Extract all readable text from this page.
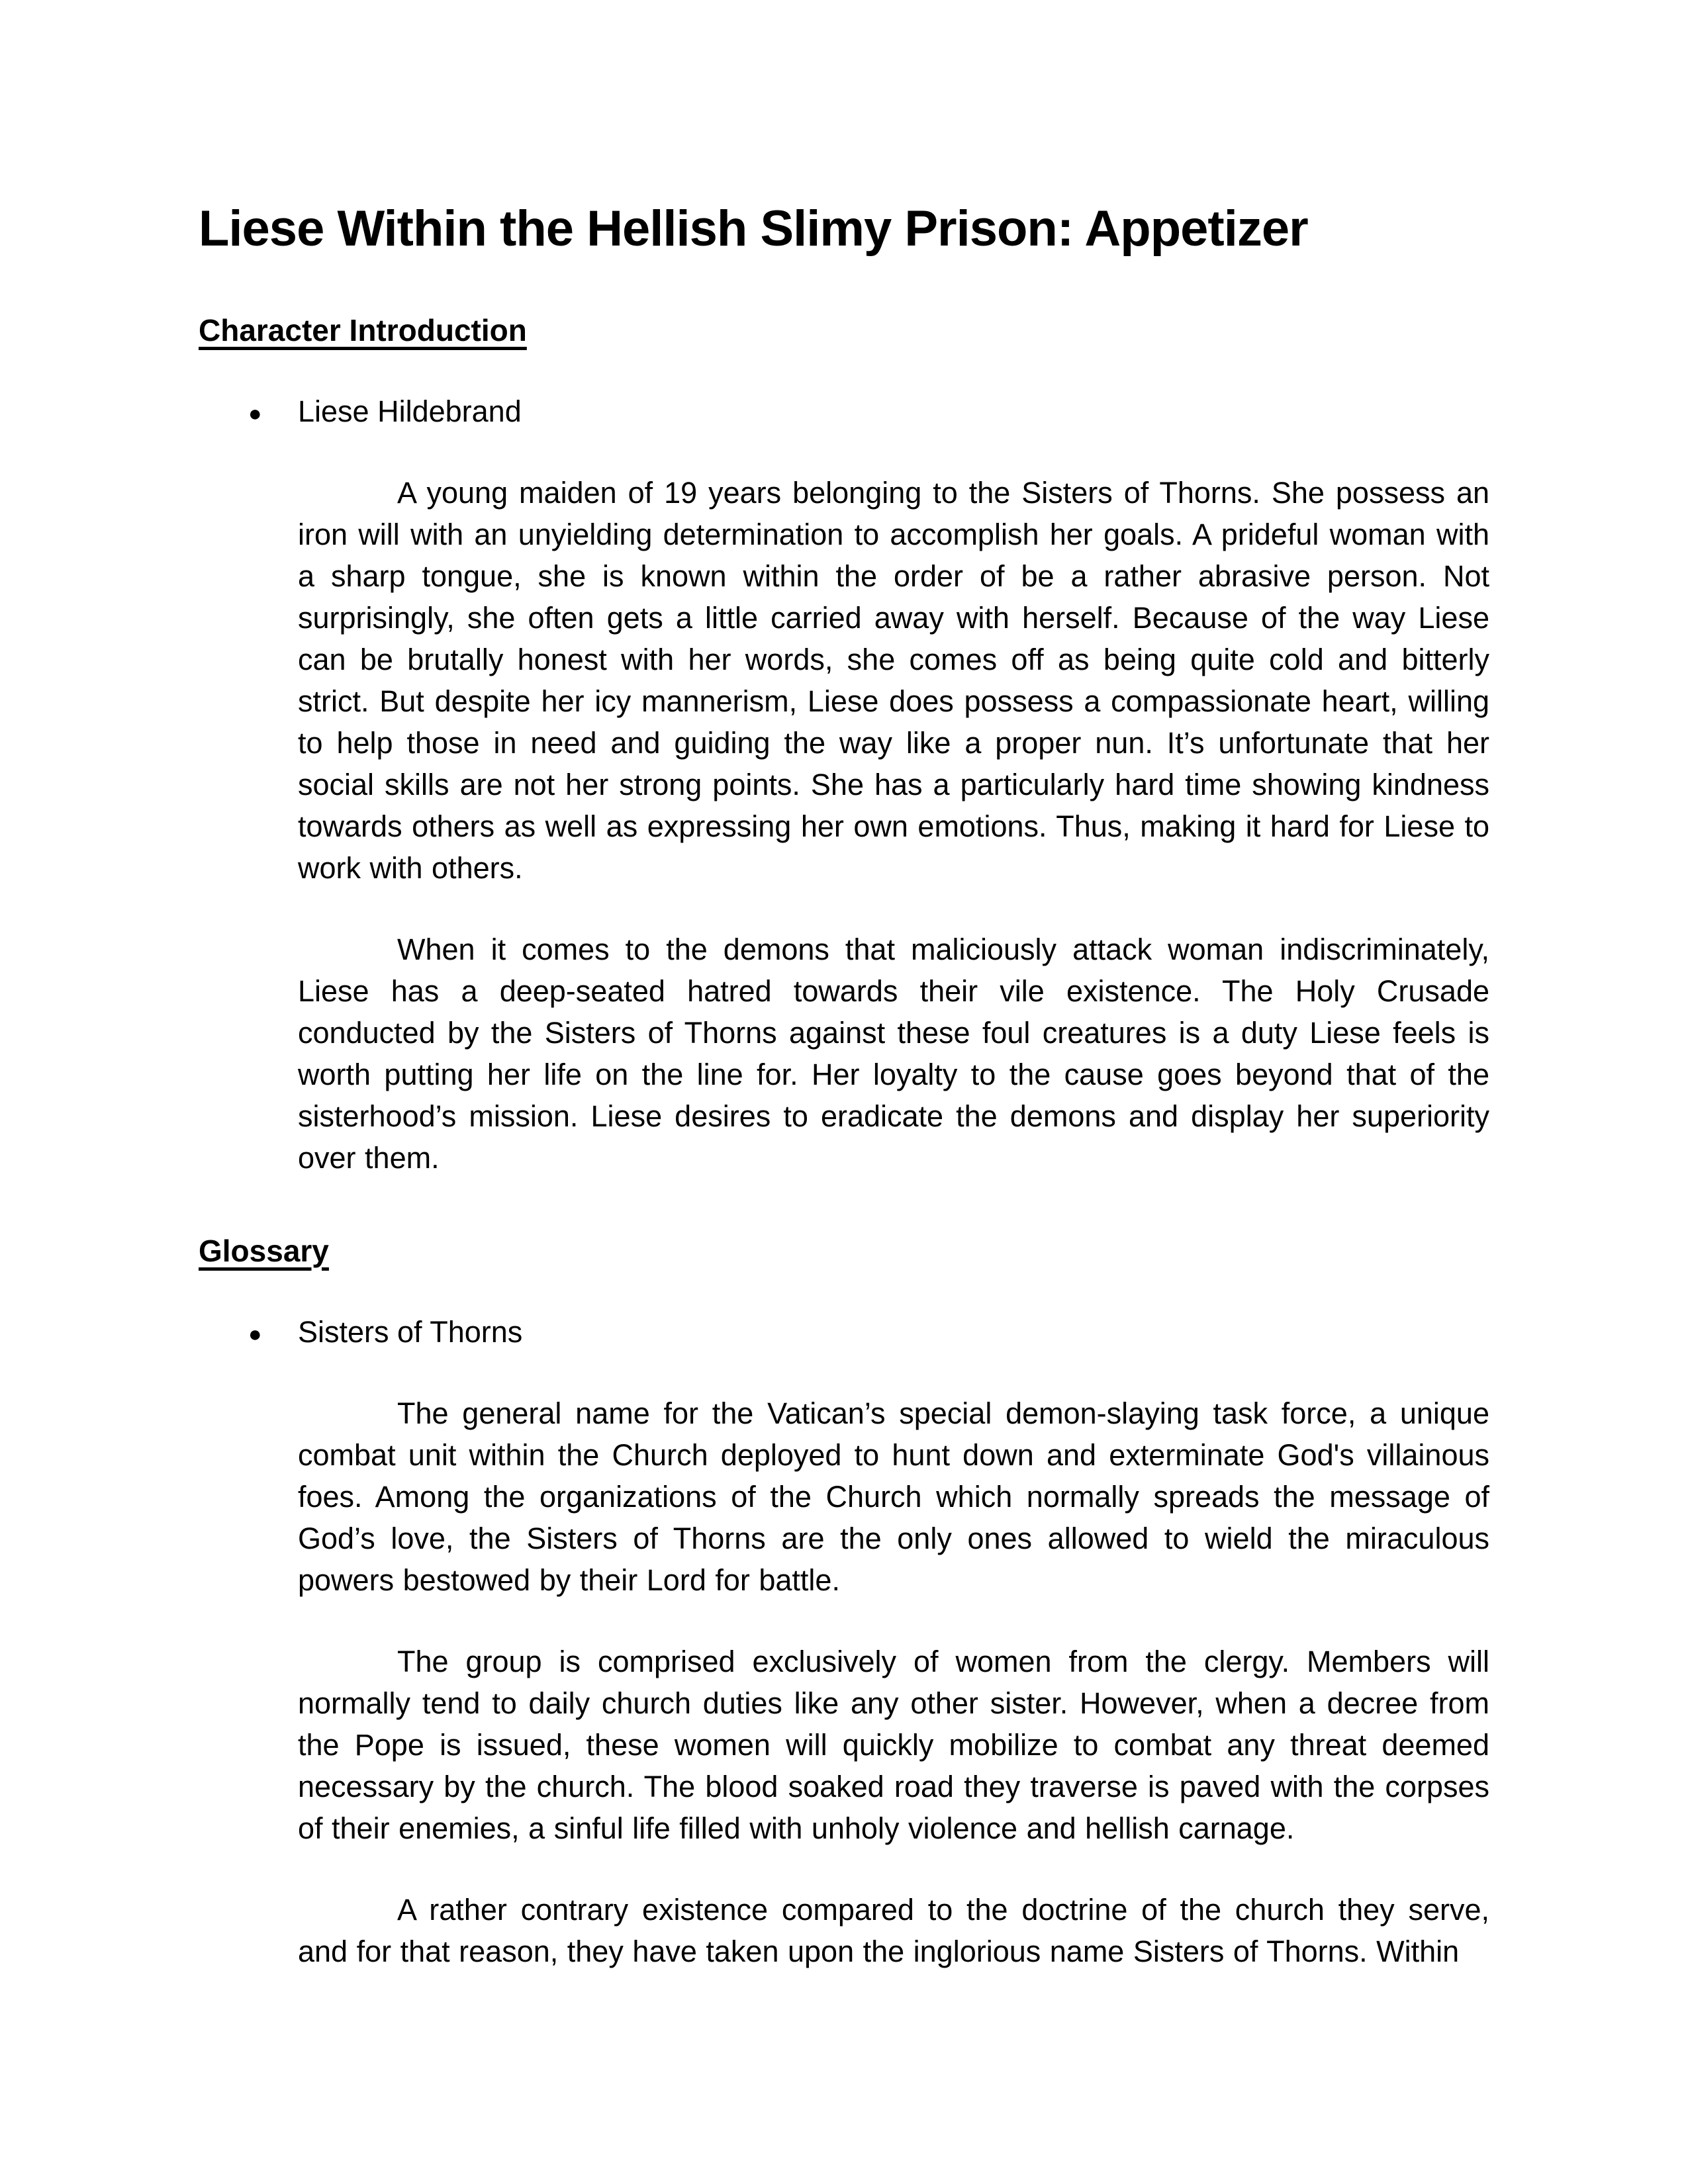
Liese Within the Hellish Slimy Prison: Appetizer
Character Introduction
● Liese Hildebrand

A young maiden of 19 years belonging to the Sisters of Thorns. She possess an iron will with an unyielding determination to accomplish her goals. A prideful woman with a sharp tongue, she is known within the order of be a rather abrasive person. Not surprisingly, she often gets a little carried away with herself. Because of the way Liese can be brutally honest with her words, she comes off as being quite cold and bitterly strict. But despite her icy mannerism, Liese does possess a compassionate heart, willing to help those in need and guiding the way like a proper nun. It’s unfortunate that her social skills are not her strong points. She has a particularly hard time showing kindness towards others as well as expressing her own emotions. Thus, making it hard for Liese to work with others.

When it comes to the demons that maliciously attack woman indiscriminately, Liese has a deep-seated hatred towards their vile existence. The Holy Crusade conducted by the Sisters of Thorns against these foul creatures is a duty Liese feels is worth putting her life on the line for. Her loyalty to the cause goes beyond that of the sisterhood’s mission. Liese desires to eradicate the demons and display her superiority over them.

Glossary
● Sisters of Thorns

The general name for the Vatican’s special demon-slaying task force, a unique combat unit within the Church deployed to hunt down and exterminate God's villainous foes. Among the organizations of the Church which normally spreads the message of God’s love, the Sisters of Thorns are the only ones allowed to wield the miraculous powers bestowed by their Lord for battle.

The group is comprised exclusively of women from the clergy. Members will normally tend to daily church duties like any other sister. However, when a decree from the Pope is issued, these women will quickly mobilize to combat any threat deemed necessary by the church. The blood soaked road they traverse is paved with the corpses of their enemies, a sinful life filled with unholy violence and hellish carnage.

A rather contrary existence compared to the doctrine of the church they serve, and for that reason, they have taken upon the inglorious name Sisters of Thorns. Within
